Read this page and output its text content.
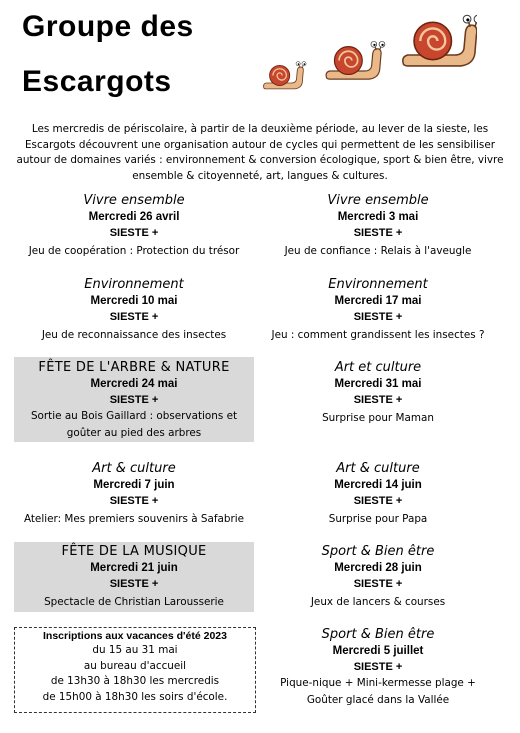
Groupe des
Escargots
Les mercredis de périscolaire, à partir de la deuxième période, au lever de la sieste, les Escargots découvrent une organisation autour de cycles qui permettent de les sensibiliser autour de domaines variés : environnement & conversion écologique, sport & bien être, vivre ensemble & citoyenneté, art, langues & cultures.
Vivre ensemble
Mercredi 26 avril
SIESTE +
Jeu de coopération : Protection du trésor
Vivre ensemble
Mercredi 3 mai
SIESTE +
Jeu de confiance : Relais à l'aveugle
Environnement
Mercredi 10 mai
SIESTE +
Jeu de reconnaissance des insectes
Environnement
Mercredi 17 mai
SIESTE +
Jeu : comment grandissent les insectes ?
FÊTE DE L'ARBRE & NATURE
Mercredi 24 mai
SIESTE +
Sortie au Bois Gaillard : observations et
goûter au pied des arbres
Art et culture
Mercredi 31 mai
SIESTE +
Surprise pour Maman
Art & culture
Mercredi 7 juin
SIESTE +
Atelier: Mes premiers souvenirs à Safabrie
Art & culture
Mercredi 14 juin
SIESTE +
Surprise pour Papa
FÊTE DE LA MUSIQUE
Mercredi 21 juin
SIESTE +
Spectacle de Christian Larousserie
Sport & Bien être
Mercredi 28 juin
SIESTE +
Jeux de lancers & courses
Inscriptions aux vacances d'été 2023
du 15 au 31 mai
au bureau d'accueil
de 13h30 à 18h30 les mercredis
de 15h00 à 18h30 les soirs d'école.
Sport & Bien être
Mercredi 5 juillet
SIESTE +
Pique-nique + Mini-kermesse plage +
Goûter glacé dans la Vallée
